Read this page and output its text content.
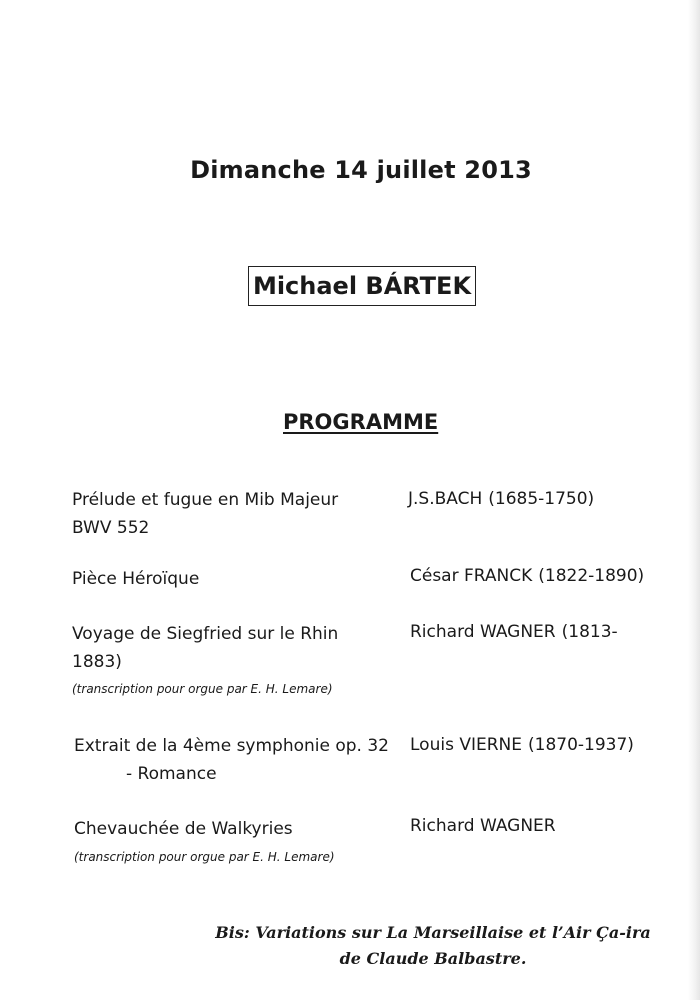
Dimanche 14 juillet 2013
Michael BÁRTEK
PROGRAMME
Prélude et fugue en Mib Majeur
BWV 552
J.S.BACH (1685-1750)
Pièce Héroïque	César FRANCK (1822-1890)
Voyage de Siegfried sur le Rhin
1883)
(transcription pour orgue par E. H. Lemare)
Richard WAGNER (1813-
Extrait de la 4ème symphonie op. 32
- Romance
Louis VIERNE (1870-1937)
Chevauchée de Walkyries
(transcription pour orgue par E. H. Lemare)
Richard WAGNER
Bis: Variations sur La Marseillaise et l’Air Ça-ira
de Claude Balbastre.
